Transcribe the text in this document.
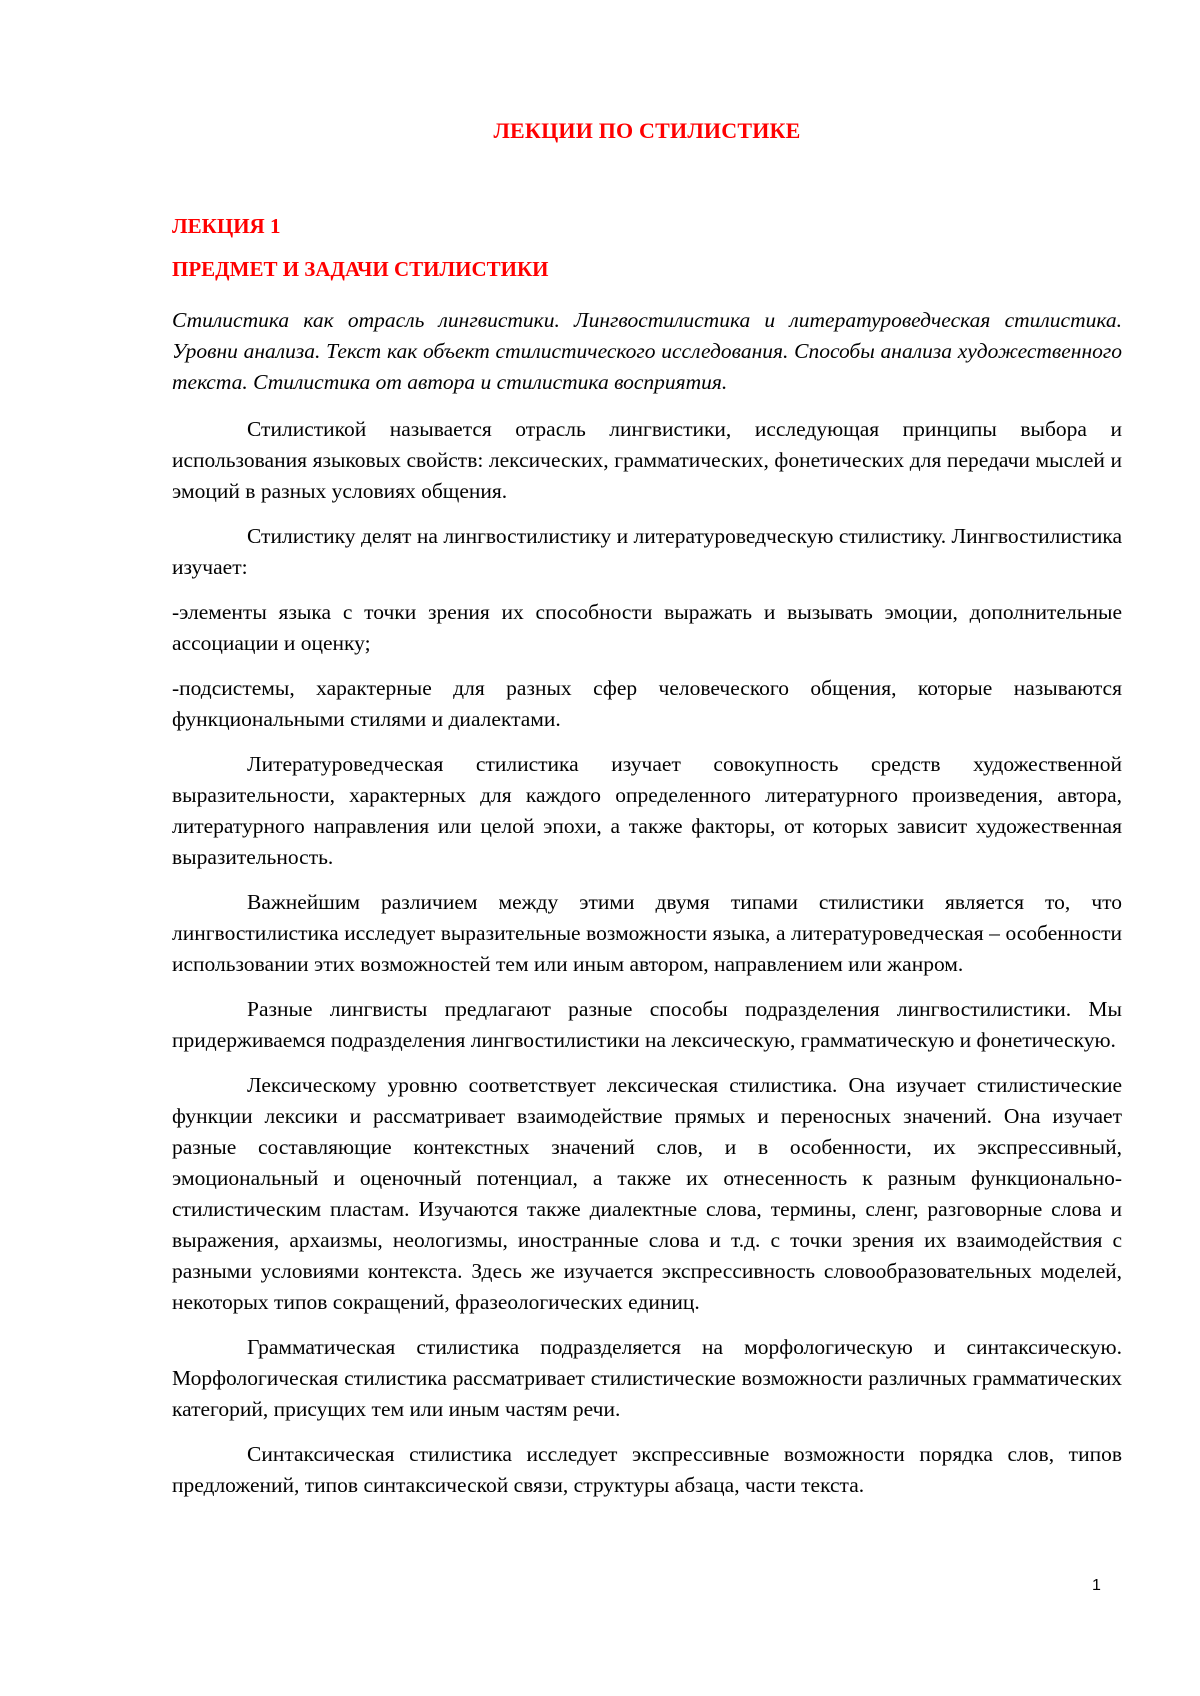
ЛЕКЦИИ ПО СТИЛИСТИКЕ
ЛЕКЦИЯ 1
ПРЕДМЕТ И ЗАДАЧИ СТИЛИСТИКИ

Стилистика как отрасль лингвистики. Лингвостилистика и литературоведческая стилистика. Уровни анализа. Текст как объект стилистического исследования. Способы анализа художественного текста. Стилистика от автора и стилистика восприятия.

Стилистикой называется отрасль лингвистики, исследующая принципы выбора и использования языковых свойств: лексических, грамматических, фонетических для передачи мыслей и эмоций в разных условиях общения.

Стилистику делят на лингвостилистику и литературоведческую стилистику. Лингвостилистика изучает:

-элементы языка с точки зрения их способности выражать и вызывать эмоции, дополнительные ассоциации и оценку;

-подсистемы, характерные для разных сфер человеческого общения, которые называются функциональными стилями и диалектами.

Литературоведческая стилистика изучает совокупность средств художественной выразительности, характерных для каждого определенного литературного произведения, автора, литературного направления или целой эпохи, а также факторы, от которых зависит художественная выразительность.

Важнейшим различием между этими двумя типами стилистики является то, что лингвостилистика исследует выразительные возможности языка, а литературоведческая – особенности использовании этих возможностей тем или иным автором, направлением или жанром.

Разные лингвисты предлагают разные способы подразделения лингвостилистики. Мы придерживаемся подразделения лингвостилистики на лексическую, грамматическую и фонетическую.

Лексическому уровню соответствует лексическая стилистика. Она изучает стилистические функции лексики и рассматривает взаимодействие прямых и переносных значений. Она изучает разные составляющие контекстных значений слов, и в особенности, их экспрессивный, эмоциональный и оценочный потенциал, а также их отнесенность к разным функционально-стилистическим пластам. Изучаются также диалектные слова, термины, сленг, разговорные слова и выражения, архаизмы, неологизмы, иностранные слова и т.д. с точки зрения их взаимодействия с разными условиями контекста. Здесь же изучается экспрессивность словообразовательных моделей, некоторых типов сокращений, фразеологических единиц.

Грамматическая стилистика подразделяется на морфологическую и синтаксическую. Морфологическая стилистика рассматривает стилистические возможности различных грамматических категорий, присущих тем или иным частям речи.

Синтаксическая стилистика исследует экспрессивные возможности порядка слов, типов предложений, типов синтаксической связи, структуры абзаца, части текста.

1
